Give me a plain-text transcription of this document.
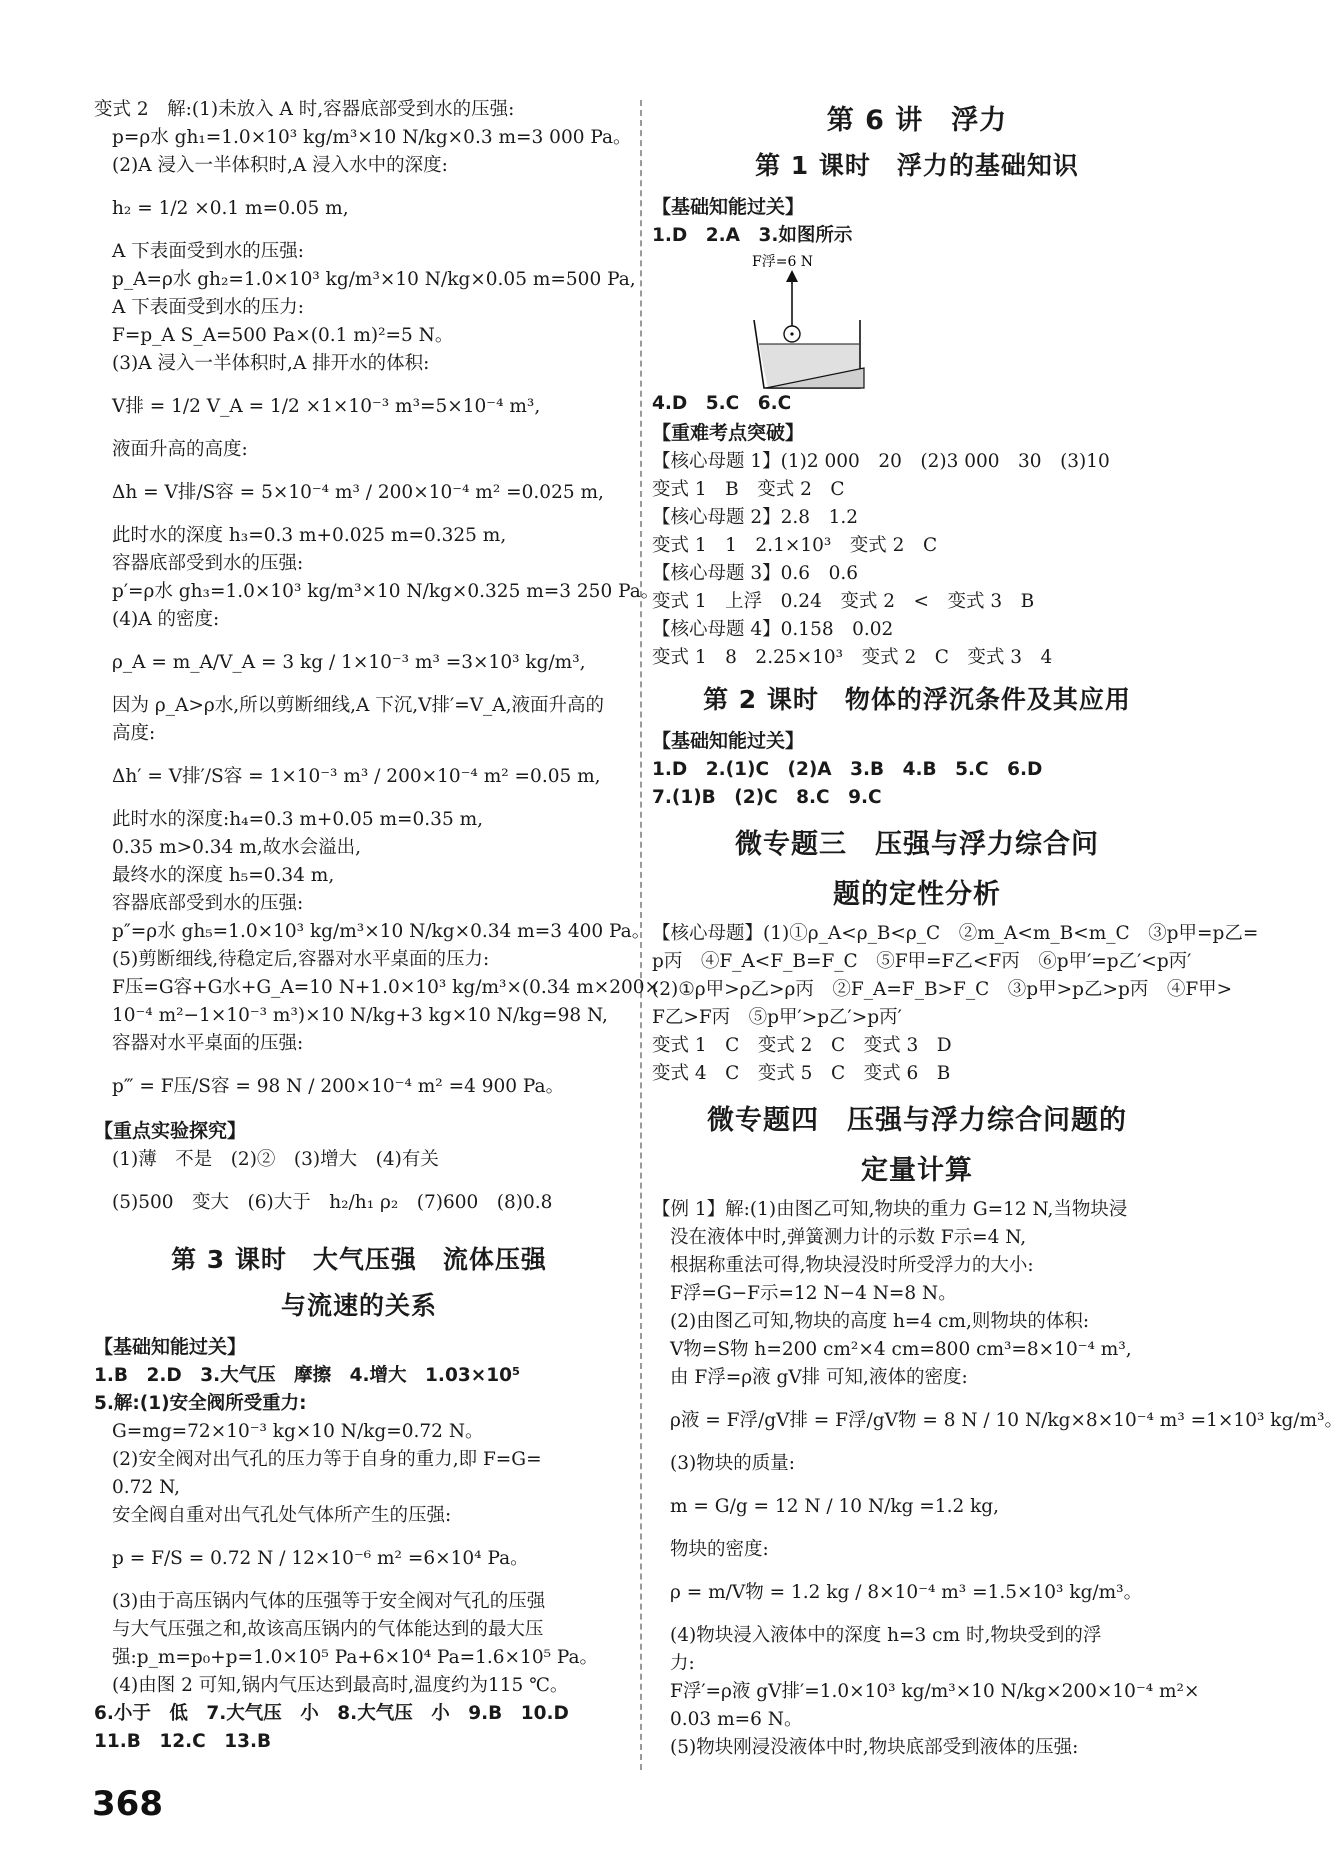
变式 2　解:(1)未放入 A 时,容器底部受到水的压强:
p=ρ水 gh₁=1.0×10³ kg/m³×10 N/kg×0.3 m=3 000 Pa。
(2)A 浸入一半体积时,A 浸入水中的深度:
h₂ = 1/2 ×0.1 m=0.05 m,
A 下表面受到水的压强:
p_A=ρ水 gh₂=1.0×10³ kg/m³×10 N/kg×0.05 m=500 Pa,
A 下表面受到水的压力:
F=p_A S_A=500 Pa×(0.1 m)²=5 N。
(3)A 浸入一半体积时,A 排开水的体积:
V排 = 1/2 V_A = 1/2 ×1×10⁻³ m³=5×10⁻⁴ m³,
液面升高的高度:
Δh = V排/S容 = 5×10⁻⁴ m³ / 200×10⁻⁴ m² =0.025 m,
此时水的深度 h₃=0.3 m+0.025 m=0.325 m,
容器底部受到水的压强:
p′=ρ水 gh₃=1.0×10³ kg/m³×10 N/kg×0.325 m=3 250 Pa。
(4)A 的密度:
ρ_A = m_A/V_A = 3 kg / 1×10⁻³ m³ =3×10³ kg/m³,
因为 ρ_A>ρ水,所以剪断细线,A 下沉,V排′=V_A,液面升高的
高度:
Δh′ = V排′/S容 = 1×10⁻³ m³ / 200×10⁻⁴ m² =0.05 m,
此时水的深度:h₄=0.3 m+0.05 m=0.35 m,
0.35 m>0.34 m,故水会溢出,
最终水的深度 h₅=0.34 m,
容器底部受到水的压强:
p″=ρ水 gh₅=1.0×10³ kg/m³×10 N/kg×0.34 m=3 400 Pa。
(5)剪断细线,待稳定后,容器对水平桌面的压力:
F压=G容+G水+G_A=10 N+1.0×10³ kg/m³×(0.34 m×200×
10⁻⁴ m²−1×10⁻³ m³)×10 N/kg+3 kg×10 N/kg=98 N,
容器对水平桌面的压强:
p‴ = F压/S容 = 98 N / 200×10⁻⁴ m² =4 900 Pa。
【重点实验探究】
(1)薄　不是　(2)②　(3)增大　(4)有关
(5)500　变大　(6)大于　h₂/h₁ ρ₂　(7)600　(8)0.8
第 3 课时　大气压强　流体压强
与流速的关系
【基础知能过关】
1.B　2.D　3.大气压　摩擦　4.增大　1.03×10⁵
5.解:(1)安全阀所受重力:
G=mg=72×10⁻³ kg×10 N/kg=0.72 N。
(2)安全阀对出气孔的压力等于自身的重力,即 F=G=
0.72 N,
安全阀自重对出气孔处气体所产生的压强:
p = F/S = 0.72 N / 12×10⁻⁶ m² =6×10⁴ Pa。
(3)由于高压锅内气体的压强等于安全阀对气孔的压强
与大气压强之和,故该高压锅内的气体能达到的最大压
强:p_m=p₀+p=1.0×10⁵ Pa+6×10⁴ Pa=1.6×10⁵ Pa。
(4)由图 2 可知,锅内气压达到最高时,温度约为115 ℃。
6.小于　低　7.大气压　小　8.大气压　小　9.B　10.D
11.B　12.C　13.B
第 6 讲　浮力
第 1 课时　浮力的基础知识
【基础知能过关】
1.D　2.A　3.如图所示
F浮=6 N
4.D　5.C　6.C
【重难考点突破】
【核心母题 1】(1)2 000　20　(2)3 000　30　(3)10
变式 1　B　变式 2　C
【核心母题 2】2.8　1.2
变式 1　1　2.1×10³　变式 2　C
【核心母题 3】0.6　0.6
变式 1　上浮　0.24　变式 2　<　变式 3　B
【核心母题 4】0.158　0.02
变式 1　8　2.25×10³　变式 2　C　变式 3　4
第 2 课时　物体的浮沉条件及其应用
【基础知能过关】
1.D　2.(1)C　(2)A　3.B　4.B　5.C　6.D
7.(1)B　(2)C　8.C　9.C
微专题三　压强与浮力综合问
题的定性分析
【核心母题】(1)①ρ_A<ρ_B<ρ_C　②m_A<m_B<m_C　③p甲=p乙=
p丙　④F_A<F_B=F_C　⑤F甲=F乙<F丙　⑥p甲′=p乙′<p丙′
(2)①ρ甲>ρ乙>ρ丙　②F_A=F_B>F_C　③p甲>p乙>p丙　④F甲>
F乙>F丙　⑤p甲′>p乙′>p丙′
变式 1　C　变式 2　C　变式 3　D
变式 4　C　变式 5　C　变式 6　B
微专题四　压强与浮力综合问题的
定量计算
【例 1】解:(1)由图乙可知,物块的重力 G=12 N,当物块浸
没在液体中时,弹簧测力计的示数 F示=4 N,
根据称重法可得,物块浸没时所受浮力的大小:
F浮=G−F示=12 N−4 N=8 N。
(2)由图乙可知,物块的高度 h=4 cm,则物块的体积:
V物=S物 h=200 cm²×4 cm=800 cm³=8×10⁻⁴ m³,
由 F浮=ρ液 gV排 可知,液体的密度:
ρ液 = F浮/gV排 = F浮/gV物 = 8 N / 10 N/kg×8×10⁻⁴ m³ =1×10³ kg/m³。
(3)物块的质量:
m = G/g = 12 N / 10 N/kg =1.2 kg,
物块的密度:
ρ = m/V物 = 1.2 kg / 8×10⁻⁴ m³ =1.5×10³ kg/m³。
(4)物块浸入液体中的深度 h=3 cm 时,物块受到的浮
力:
F浮′=ρ液 gV排′=1.0×10³ kg/m³×10 N/kg×200×10⁻⁴ m²×
0.03 m=6 N。
(5)物块刚浸没液体中时,物块底部受到液体的压强:
368
